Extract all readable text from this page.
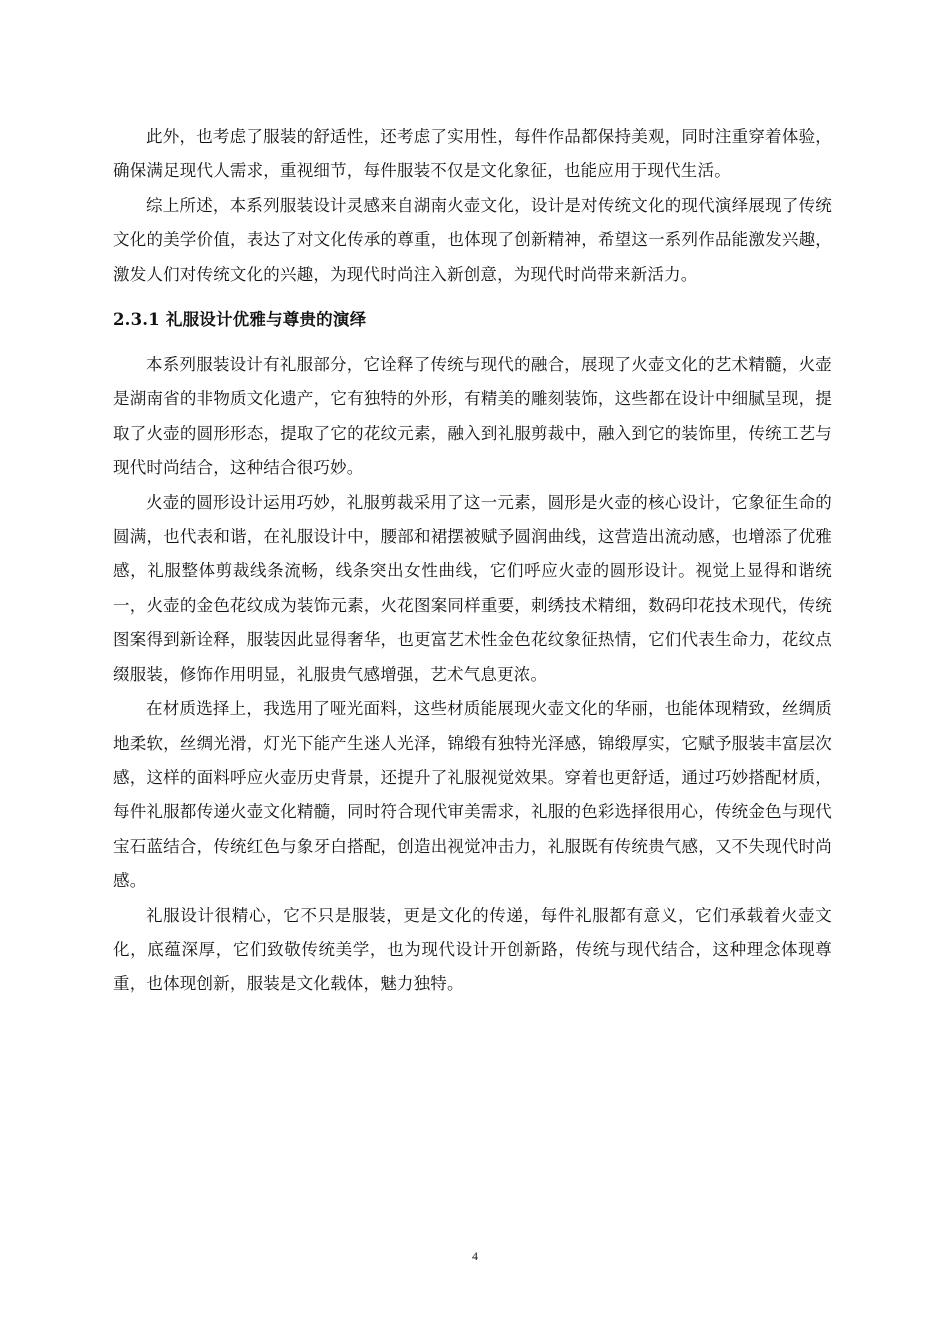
此外，也考虑了服装的舒适性，还考虑了实用性，每件作品都保持美观，同时注重穿着体验，确保满足现代人需求，重视细节，每件服装不仅是文化象征，也能应用于现代生活。

综上所述，本系列服装设计灵感来自湖南火壶文化，设计是对传统文化的现代演绎展现了传统文化的美学价值，表达了对文化传承的尊重，也体现了创新精神，希望这一系列作品能激发兴趣，激发人们对传统文化的兴趣，为现代时尚注入新创意，为现代时尚带来新活力。

2.3.1 礼服设计优雅与尊贵的演绎

本系列服装设计有礼服部分，它诠释了传统与现代的融合，展现了火壶文化的艺术精髓，火壶是湖南省的非物质文化遗产，它有独特的外形，有精美的雕刻装饰，这些都在设计中细腻呈现，提取了火壶的圆形形态，提取了它的花纹元素，融入到礼服剪裁中，融入到它的装饰里，传统工艺与现代时尚结合，这种结合很巧妙。

火壶的圆形设计运用巧妙，礼服剪裁采用了这一元素，圆形是火壶的核心设计，它象征生命的圆满，也代表和谐，在礼服设计中，腰部和裙摆被赋予圆润曲线，这营造出流动感，也增添了优雅感，礼服整体剪裁线条流畅，线条突出女性曲线，它们呼应火壶的圆形设计。视觉上显得和谐统一，火壶的金色花纹成为装饰元素，火花图案同样重要，刺绣技术精细，数码印花技术现代，传统图案得到新诠释，服装因此显得奢华，也更富艺术性金色花纹象征热情，它们代表生命力，花纹点缀服装，修饰作用明显，礼服贵气感增强，艺术气息更浓。

在材质选择上，我选用了哑光面料，这些材质能展现火壶文化的华丽，也能体现精致，丝绸质地柔软，丝绸光滑，灯光下能产生迷人光泽，锦缎有独特光泽感，锦缎厚实，它赋予服装丰富层次感，这样的面料呼应火壶历史背景，还提升了礼服视觉效果。穿着也更舒适，通过巧妙搭配材质，每件礼服都传递火壶文化精髓，同时符合现代审美需求，礼服的色彩选择很用心，传统金色与现代宝石蓝结合，传统红色与象牙白搭配，创造出视觉冲击力，礼服既有传统贵气感，又不失现代时尚感。

礼服设计很精心，它不只是服装，更是文化的传递，每件礼服都有意义，它们承载着火壶文化，底蕴深厚，它们致敬传统美学，也为现代设计开创新路，传统与现代结合，这种理念体现尊重，也体现创新，服装是文化载体，魅力独特。

4
